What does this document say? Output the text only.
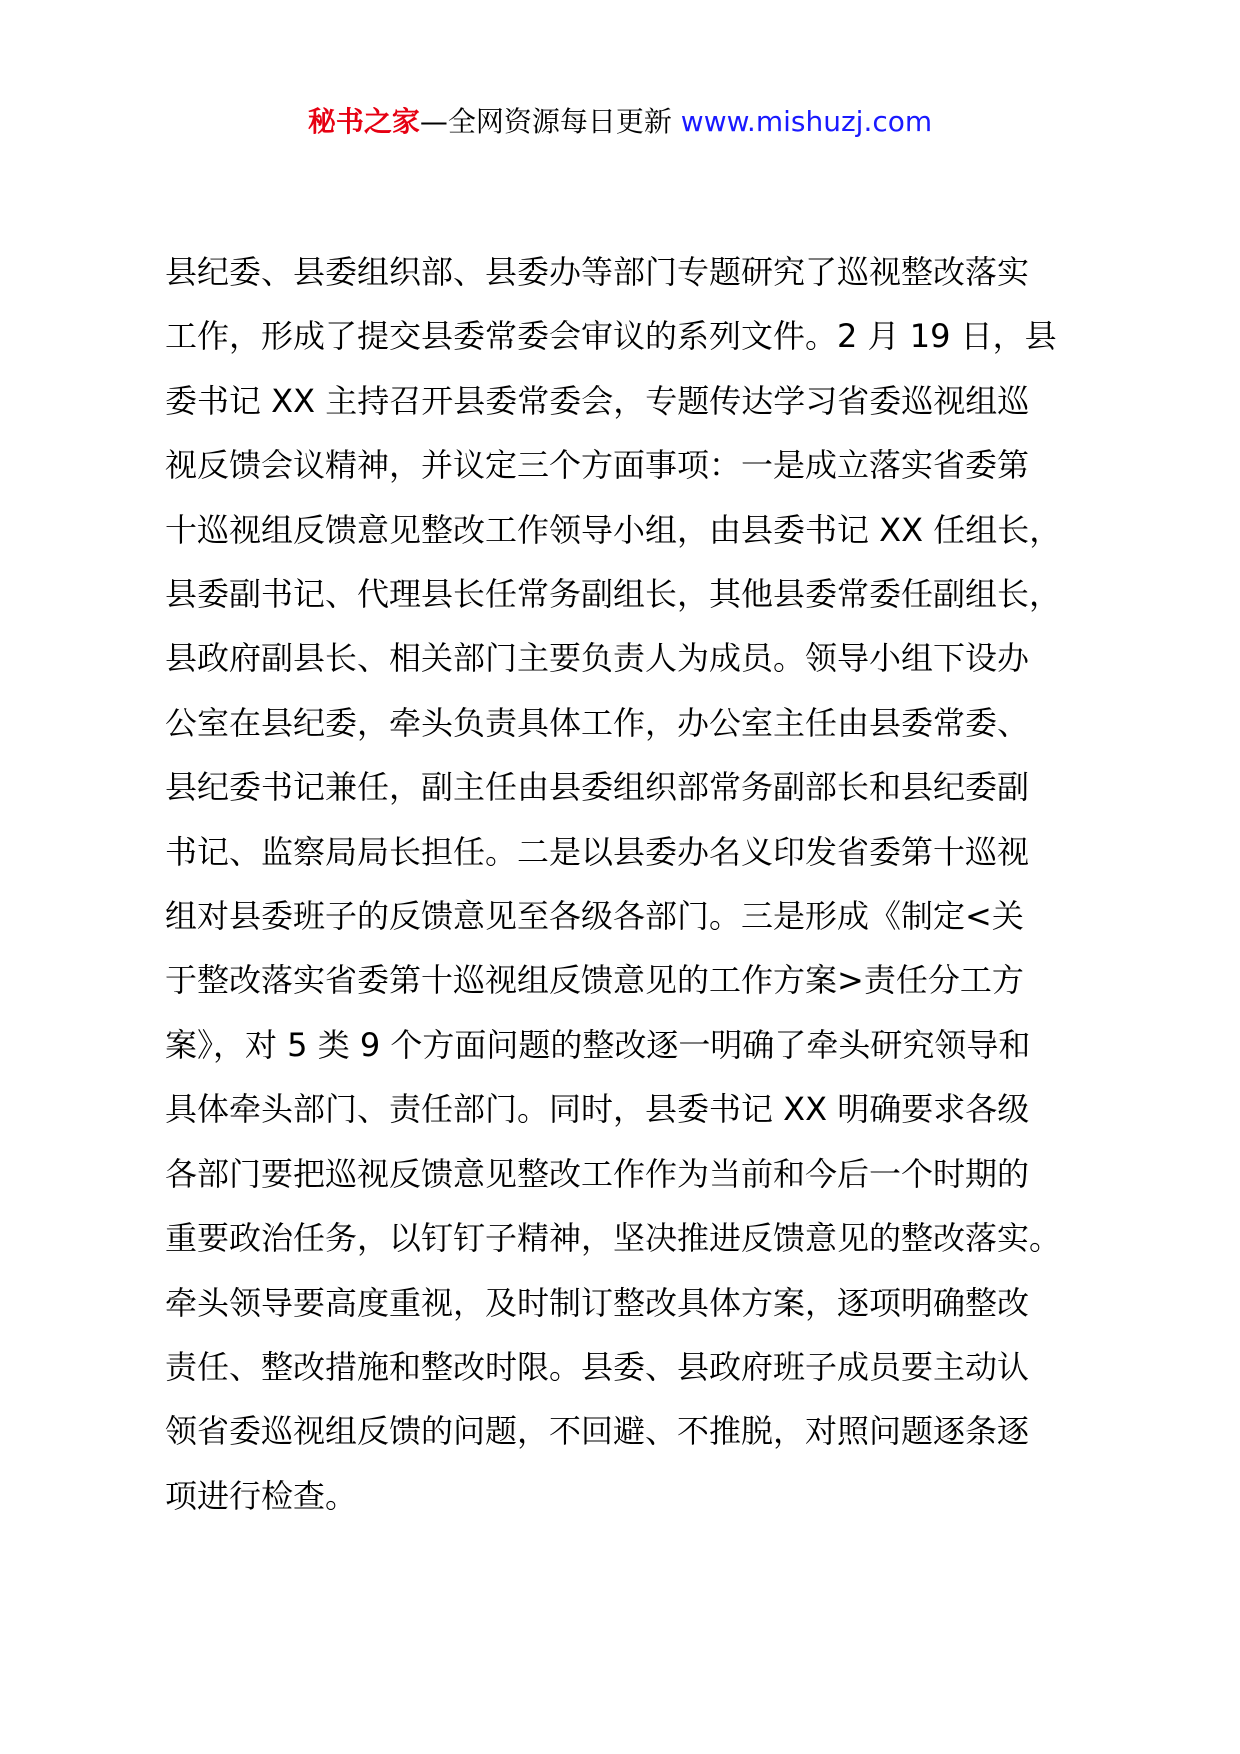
秘书之家—全网资源每日更新 www.mishuzj.com
县纪委、县委组织部、县委办等部门专题研究了巡视整改落实
工作，形成了提交县委常委会审议的系列文件。2 月 19 日，县
委书记 XX 主持召开县委常委会，专题传达学习省委巡视组巡
视反馈会议精神，并议定三个方面事项：一是成立落实省委第
十巡视组反馈意见整改工作领导小组，由县委书记 XX 任组长，
县委副书记、代理县长任常务副组长，其他县委常委任副组长，
县政府副县长、相关部门主要负责人为成员。领导小组下设办
公室在县纪委，牵头负责具体工作，办公室主任由县委常委、
县纪委书记兼任，副主任由县委组织部常务副部长和县纪委副
书记、监察局局长担任。二是以县委办名义印发省委第十巡视
组对县委班子的反馈意见至各级各部门。三是形成《制定<关
于整改落实省委第十巡视组反馈意见的工作方案>责任分工方
案》，对 5 类 9 个方面问题的整改逐一明确了牵头研究领导和
具体牵头部门、责任部门。同时，县委书记 XX 明确要求各级
各部门要把巡视反馈意见整改工作作为当前和今后一个时期的
重要政治任务，以钉钉子精神，坚决推进反馈意见的整改落实。
牵头领导要高度重视，及时制订整改具体方案，逐项明确整改
责任、整改措施和整改时限。县委、县政府班子成员要主动认
领省委巡视组反馈的问题，不回避、不推脱，对照问题逐条逐
项进行检查。
